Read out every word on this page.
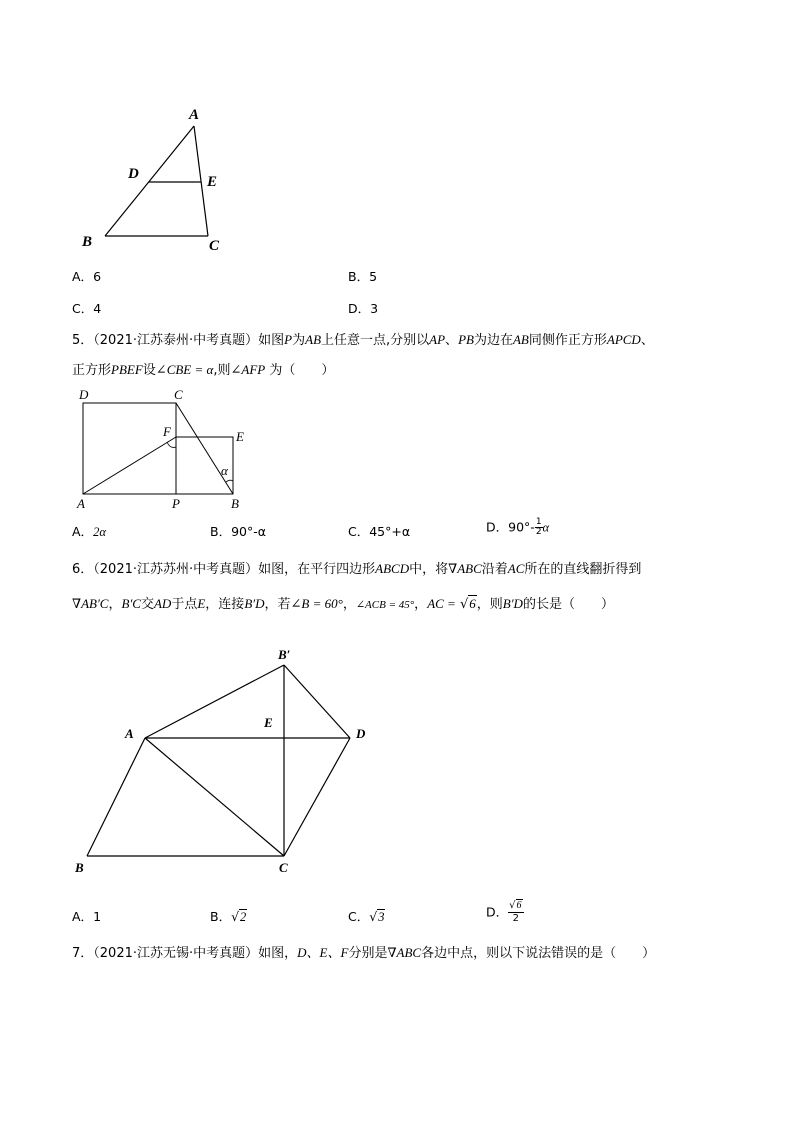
A
D	E
B	C
A．6	B．5
C．4	D．3
5．（2021·江苏泰州·中考真题）如图P为AB上任意一点,分别以AP、PB为边在AB同侧作正方形APCD、
正方形PBEF设∠CBE = α,则∠AFP 为（　　）
D	C
F	E
α
A	P	B
A．2α	B．90°-α	C．45°+α	D．$90^\circ- \frac{1}{2}$ α
6．（2021·江苏苏州·中考真题）如图，在平行四边形ABCD中，将∇ABC沿着AC所在的直线翻折得到
∇AB′C，B′C交AD于点E，连接B′D，若∠B = 60°，∠ACB = 45°，AC = √6，则B′D的长是（　　）
B′
A
E
D
B	C
A．1	B．√2	C．√3	D． $\frac{√6}{2}$
7．（2021·江苏无锡·中考真题）如图，D、E、F分别是∇ABC各边中点，则以下说法错误的是（　　）
